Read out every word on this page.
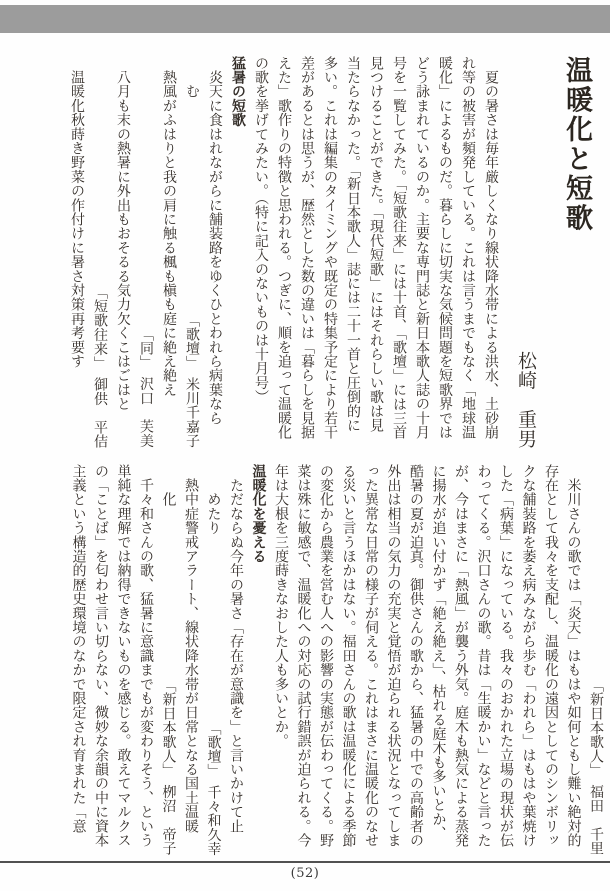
温暖化と短歌

松崎　重男

　夏の暑さは毎年厳しくなり線状降水帯による洪水、土砂崩

れ等の被害が頻発している。これは言うまでもなく「地球温

暖化」によるものだ。暮らしに切実な気候問題を短歌界では

どう詠まれているのか。主要な専門誌と新日本歌人誌の十月

号を一覧してみた。「短歌往来」には十首、「歌壇」には三首

見つけることができた。「現代短歌」にはそれらしい歌は見

当たらなかった。「新日本歌人」誌には二十一首と圧倒的に

多い。これは編集のタイミングや既定の特集予定により若干

差があるとは思うが、歴然とした数の違いは「暮らしを見据

えた」歌作りの特徴と思われる。つぎに、順を追って温暖化

の歌を挙げてみたい。（特に記入のないものは十月号）

猛暑の短歌

　炎天に食はれながらに舗装路をゆくひとわれら病葉なら

　　む
「歌壇」　米川千嘉子

　熱風がふはりと我の肩に触る楓も槇も庭に絶え絶え

「同」　沢口　芙美

　八月も末の熱暑に外出もおそるる気力欠くこはごはと

「短歌往来」　御供　平佶

　温暖化秋蒔き野菜の作付けに暑さ対策再考要す

「新日本歌人」　福田　千里

　米川さんの歌では「炎天」はもはや如何ともし難い絶対的

存在として我々を支配し、温暖化の遠因としてのシンボリッ

クな舗装路を萎え病みながら歩む「われら」はもはや葉焼け

した「病葉」になっている。我々のおかれた立場の現状が伝

わってくる。沢口さんの歌。昔は「生暖かい」などと言った

が、今はまさに「熱風」が襲う外気。庭木も熱気による蒸発

に揚水が追い付かず「絶え絶え」、枯れる庭木も多いとか、

酷暑の夏が迫真。御供さんの歌から、猛暑の中での高齢者の

外出は相当の気力の充実と覚悟が迫られる状況となってしま

った異常な日常の様子が伺える。これはまさに温暖化のなせ

る災いと言うほかはない。福田さんの歌は温暖化による季節

の変化から農業を営む人への影響の実態が伝わってくる。野

菜は殊に敏感で、温暖化への対応の試行錯誤が迫られる。今

年は大根を三度蒔きなおした人も多いとか。

温暖化を憂える

　ただならぬ今年の暑さ「存在が意識を」と言いかけて止

　　めたり
「歌壇」　千々和久幸

　熱中症警戒アラート、線状降水帯が日常となる国土温暖

　　化
「新日本歌人」　栁沼　帝子

　千々和さんの歌、猛暑に意識までもが変わりそう、という

単純な理解では納得できないものを感じる。敢えてマルクス

の「ことば」を匂わせ言い切らない、微妙な余韻の中に資本

主義という構造的歴史環境のなかで限定され育まれた「意

(52)
